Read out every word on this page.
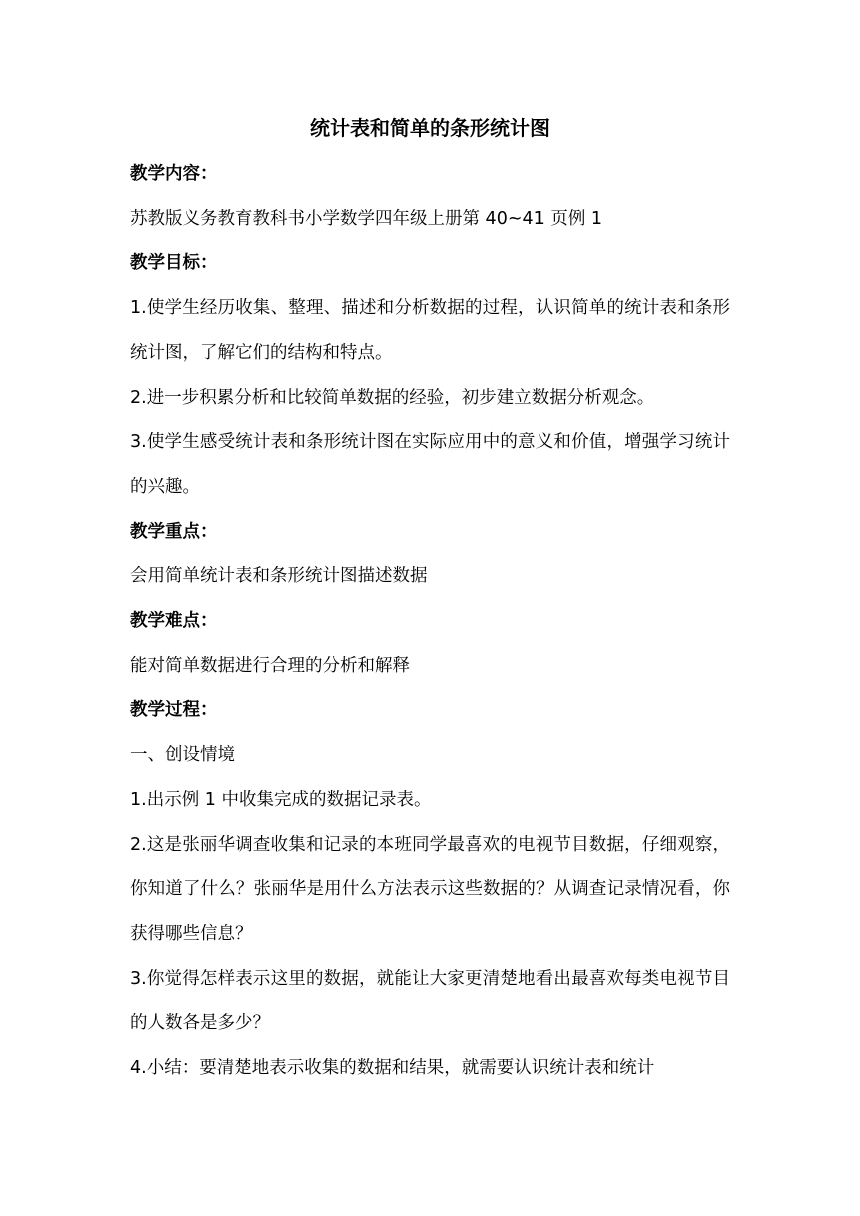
统计表和简单的条形统计图

教学内容：

苏教版义务教育教科书小学数学四年级上册第 40~41 页例 1

教学目标：

1.使学生经历收集、整理、描述和分析数据的过程，认识简单的统计表和条形统计图，了解它们的结构和特点。

2.进一步积累分析和比较简单数据的经验，初步建立数据分析观念。

3.使学生感受统计表和条形统计图在实际应用中的意义和价值，增强学习统计的兴趣。

教学重点：

会用简单统计表和条形统计图描述数据

教学难点：

能对简单数据进行合理的分析和解释

教学过程：

一、创设情境

1.出示例 1 中收集完成的数据记录表。

2.这是张丽华调查收集和记录的本班同学最喜欢的电视节目数据，仔细观察，你知道了什么？张丽华是用什么方法表示这些数据的？从调查记录情况看，你获得哪些信息？

3.你觉得怎样表示这里的数据，就能让大家更清楚地看出最喜欢每类电视节目的人数各是多少？

4.小结：要清楚地表示收集的数据和结果，就需要认识统计表和统计
